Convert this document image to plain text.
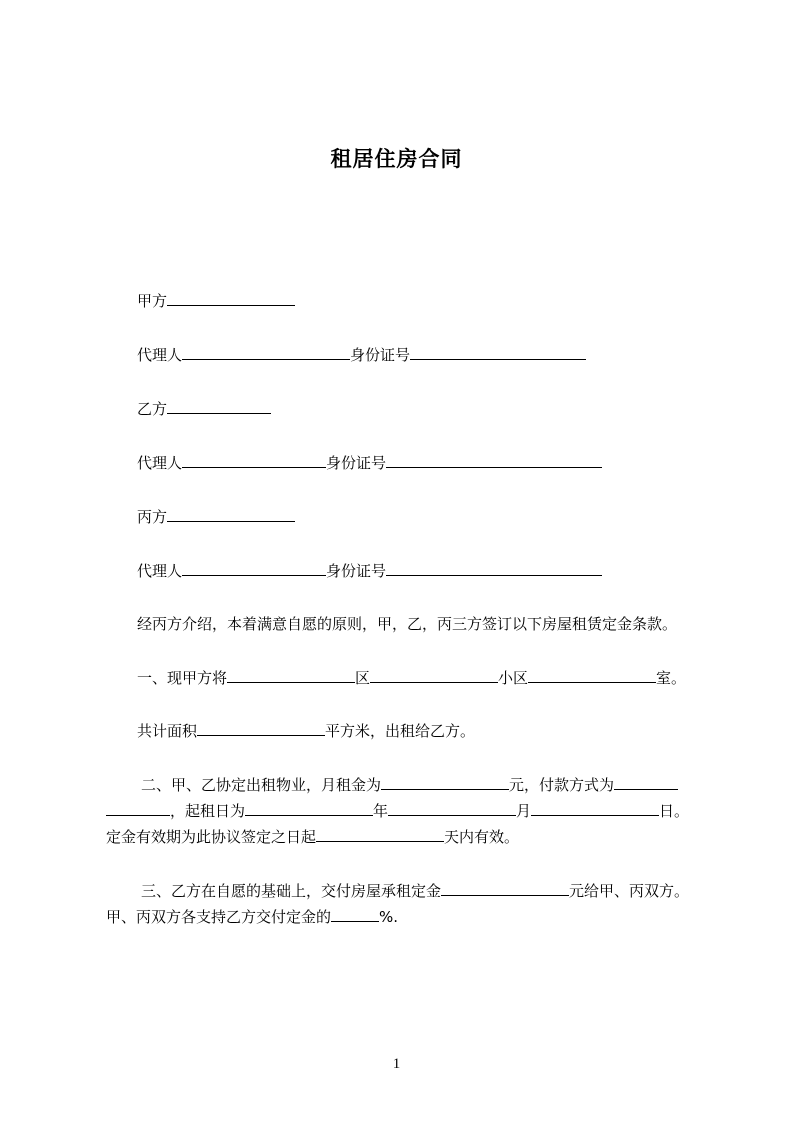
租居住房合同
甲方
代理人	身份证号
乙方
代理人	身份证号
丙方
代理人	身份证号
经丙方介绍，本着满意自愿的原则，甲，乙，丙三方签订以下房屋租赁定金条款。
一、现甲方将	区	小区	室。
共计面积	平方米，出租给乙方。
二、甲、乙协定出租物业，月租金为	元，付款方式为
，起租日为	年	月	日。
定金有效期为此协议签定之日起	天内有效。
三、乙方在自愿的基础上，交付房屋承租定金	元给甲、丙双方。
甲、丙双方各支持乙方交付定金的	%.
1
